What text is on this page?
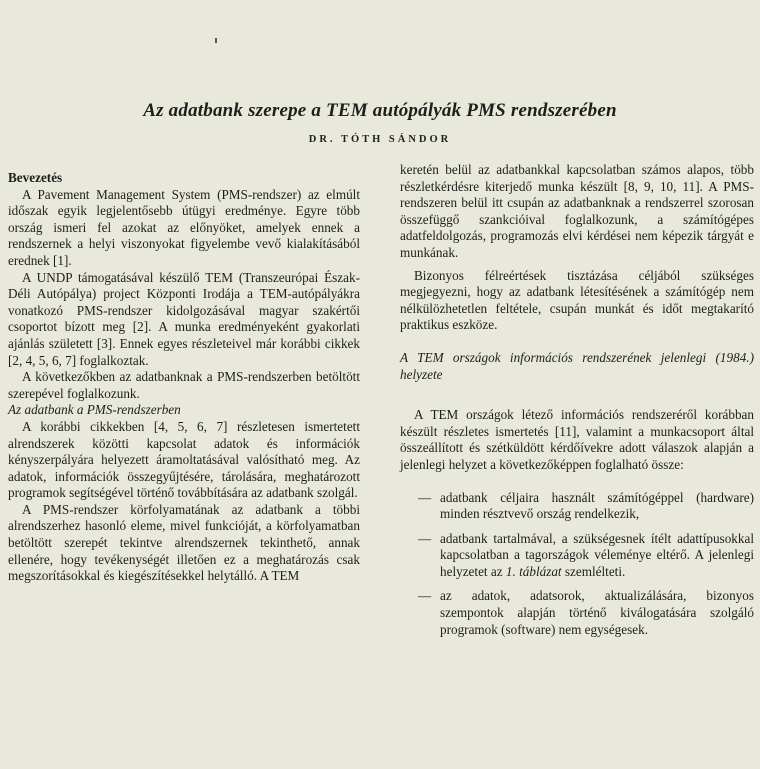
Az adatbank szerepe a TEM autópályák PMS rendszerében
DR. TÓTH SÁNDOR

Bevezetés

A Pavement Management System (PMS-rendszer) az elmúlt időszak egyik legjelentősebb útügyi eredménye. Egyre több ország ismeri fel azokat az előnyöket, amelyek ennek a rendszernek a helyi viszonyokat figyelembe vevő kialakításából erednek [1].

A UNDP támogatásával készülő TEM (Transzeurópai Észak-Déli Autópálya) project Központi Irodája a TEM-autópályákra vonatkozó PMS-rendszer kidolgozásával magyar szakértői csoportot bízott meg [2]. A munka eredményeként gyakorlati ajánlás született [3]. Ennek egyes részleteivel már korábbi cikkek [2, 4, 5, 6, 7] foglalkoztak.

A következőkben az adatbanknak a PMS-rendszerben betöltött szerepével foglalkozunk.

Az adatbank a PMS-rendszerben

A korábbi cikkekben [4, 5, 6, 7] részletesen ismertetett alrendszerek közötti kapcsolat adatok és információk kényszerpályára helyezett áramoltatásával valósítható meg. Az adatok, információk összegyűjtésére, tárolására, meghatározott programok segítségével történő továbbítására az adatbank szolgál.

A PMS-rendszer körfolyamatának az adatbank a többi alrendszerhez hasonló eleme, mivel funkcióját, a körfolyamatban betöltött szerepét tekintve alrendszernek tekinthető, annak ellenére, hogy tevékenységét illetően ez a meghatározás csak megszorításokkal és kiegészítésekkel helytálló. A TEM

keretén belül az adatbankkal kapcsolatban számos alapos, több részletkérdésre kiterjedő munka készült [8, 9, 10, 11]. A PMS-rendszeren belül itt csupán az adatbanknak a rendszerrel szorosan összefüggő szankcióival foglalkozunk, a számítógépes adatfeldolgozás, programozás elvi kérdései nem képezik tárgyát e munkának.

Bizonyos félreértések tisztázása céljából szükséges megjegyezni, hogy az adatbank létesítésének a számítógép nem nélkülözhetetlen feltétele, csupán munkát és időt megtakarító praktikus eszköze.

A TEM országok információs rendszerének jelenlegi (1984.) helyzete

A TEM országok létező információs rendszeréről korábban készült részletes ismertetés [11], valamint a munkacsoport által összeállított és szétküldött kérdőívekre adott válaszok alapján a jelenlegi helyzet a következőképpen foglalható össze:

— adatbank céljaira használt számítógéppel (hardware) minden résztvevő ország rendelkezik,
— adatbank tartalmával, a szükségesnek ítélt adattípusokkal kapcsolatban a tagországok véleménye eltérő. A jelenlegi helyzetet az 1. táblázat szemlélteti.
— az adatok, adatsorok, aktualizálására, bizonyos szempontok alapján történő kiválogatására szolgáló programok (software) nem egységesek.
